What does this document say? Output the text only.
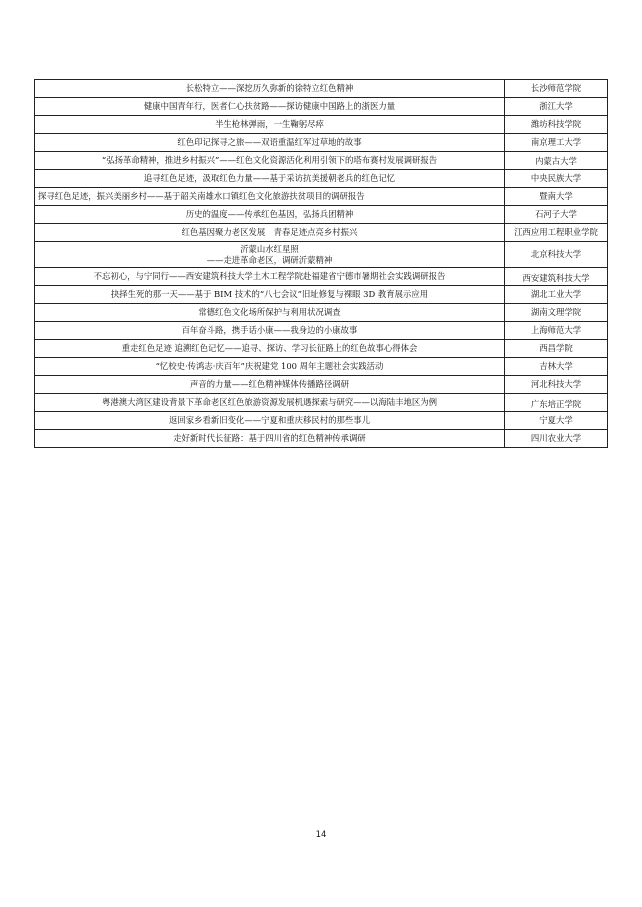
长松特立——深挖历久弥新的徐特立红色精神	长沙师范学院
健康中国青年行，医者仁心扶贫路——探访健康中国路上的浙医力量	浙江大学
半生枪林弹雨，一生鞠躬尽瘁	潍坊科技学院
红色印记探寻之旅——双语重温红军过草地的故事	南京理工大学
“弘扬革命精神，推进乡村振兴”——红色文化资源活化利用引领下的塔布赛村发展调研报告	内蒙古大学
追寻红色足迹，汲取红色力量——基于采访抗美援朝老兵的红色记忆	中央民族大学
探寻红色足迹，振兴美丽乡村——基于韶关南雄水口镇红色文化旅游扶贫项目的调研报告	暨南大学
历史的温度——传承红色基因，弘扬兵团精神	石河子大学
红色基因聚力老区发展　青春足迹点亮乡村振兴	江西应用工程职业学院

沂蒙山水红星照
——走进革命老区，调研沂蒙精神	北京科技大学
不忘初心，与宁同行——西安建筑科技大学土木工程学院赴福建省宁德市暑期社会实践调研报告	西安建筑科技大学
抉择生死的那一天——基于 BIM 技术的“八七会议”旧址修复与裸眼 3D 教育展示应用	湖北工业大学
常德红色文化场所保护与利用状况调查	湖南文理学院
百年奋斗路，携手话小康——我身边的小康故事	上海师范大学
重走红色足迹 追溯红色记忆——追寻、探访、学习长征路上的红色故事心得体会	西昌学院
“忆校史·传鸿志·庆百年”庆祝建党 100 周年主题社会实践活动	吉林大学
声音的力量——红色精神媒体传播路径调研	河北科技大学
粤港澳大湾区建设背景下革命老区红色旅游资源发展机遇探索与研究——以海陆丰地区为例	广东培正学院
返回家乡看新旧变化——宁夏和重庆移民村的那些事儿	宁夏大学
走好新时代长征路：基于四川省的红色精神传承调研	四川农业大学
14
